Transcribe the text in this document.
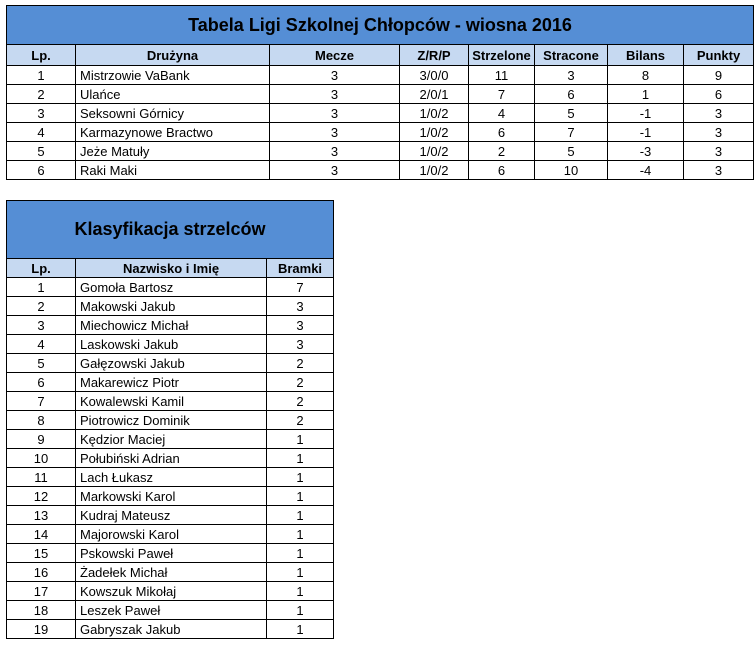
Tabela Ligi Szkolnej Chłopców - wiosna 2016							
Lp.	Drużyna	Mecze	Z/R/P	Strzelone	Stracone	Bilans	Punkty
1	Mistrzowie VaBank	3	3/0/0	11	3	8	9
2	Ulańce	3	2/0/1	7	6	1	6
3	Seksowni Górnicy	3	1/0/2	4	5	-1	3
4	Karmazynowe Bractwo	3	1/0/2	6	7	-1	3
5	Jeże Matuły	3	1/0/2	2	5	-3	3
6	Raki Maki	3	1/0/2	6	10	-4	3
Klasyfikacja strzelców		
Lp.	Nazwisko i Imię	Bramki
1	Gomoła Bartosz	7
2	Makowski Jakub	3
3	Miechowicz Michał	3
4	Laskowski Jakub	3
5	Gałęzowski Jakub	2
6	Makarewicz Piotr	2
7	Kowalewski Kamil	2
8	Piotrowicz Dominik	2
9	Kędzior Maciej	1
10	Połubiński Adrian	1
11	Lach Łukasz	1
12	Markowski Karol	1
13	Kudraj Mateusz	1
14	Majorowski Karol	1
15	Pskowski Paweł	1
16	Żadełek Michał	1
17	Kowszuk Mikołaj	1
18	Leszek Paweł	1
19	Gabryszak Jakub	1
